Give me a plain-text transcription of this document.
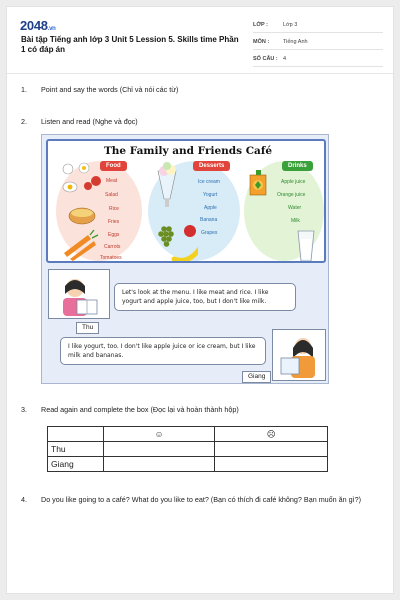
2048.vn
Bài tập Tiếng anh lớp 3 Unit 5 Lession 5. Skills time Phần 1 có đáp án
LỚP :	Lớp 3
MÔN :	Tiếng Anh
SỐ CÂU : 4
1. Point and say the words (Chỉ và nói các từ)
2. Listen and read (Nghe và đọc)
The Family and Friends Café
Food
Meat
Salad
Rice
Fries
Eggs
Carrots
Tomatoes
Desserts
Ice cream
Yogurt
Apple
Banana
Grapes
Drinks
Apple juice
Orange juice
Water
Milk
Let's look at the menu. I like meat and rice. I like yogurt and apple juice, too, but I don't like milk.
Thu
I like yogurt, too. I don't like apple juice or ice cream, but I like milk and bananas.
Giang
3. Read again and complete the box (Đọc lại và hoàn thành hộp)
	☺	☹
Thu		
Giang		
4. Do you like going to a café? What do you like to eat? (Bạn có thích đi café không? Bạn muốn ăn gì?)
